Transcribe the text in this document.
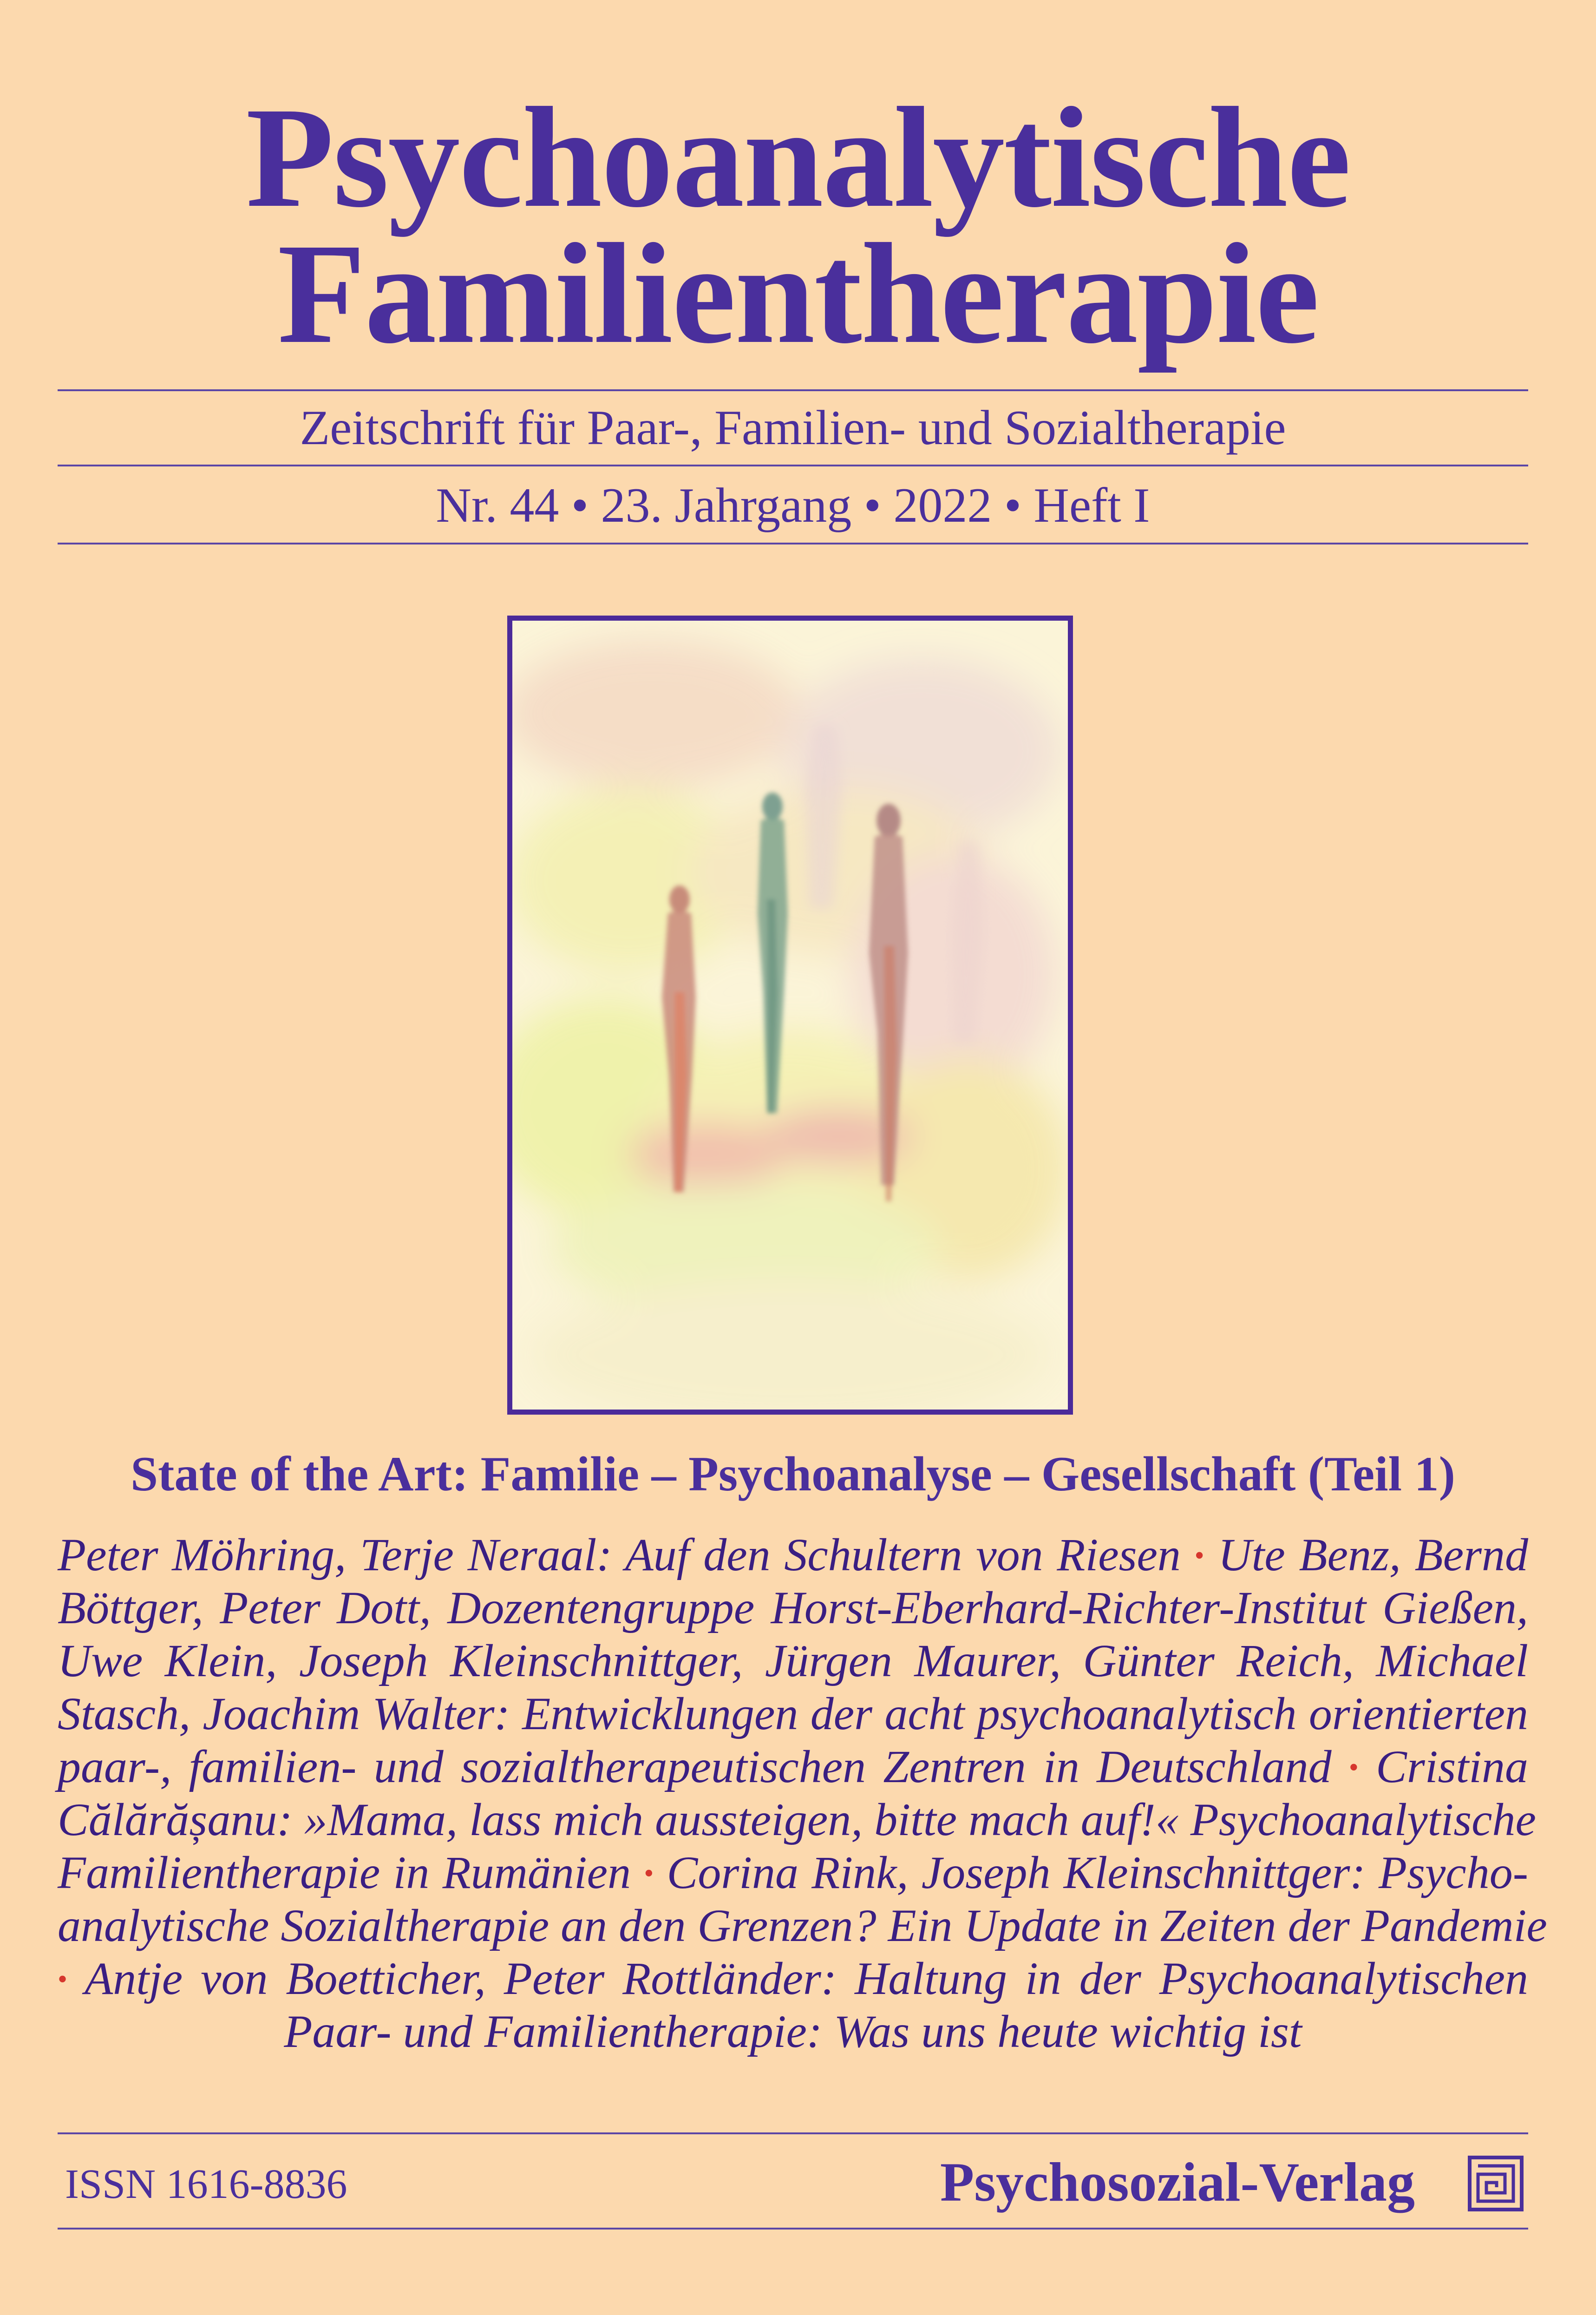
Psychoanalytische
Familientherapie
Zeitschrift für Paar-, Familien- und Sozialtherapie
Nr. 44 • 23. Jahrgang • 2022 • Heft I
State of the Art: Familie – Psychoanalyse – Gesellschaft (Teil 1)
Peter Möhring, Terje Neraal: Auf den Schultern von Riesen • Ute Benz, Bernd
Böttger, Peter Dott, Dozentengruppe Horst-Eberhard-Richter-Institut Gießen,
Uwe Klein, Joseph Kleinschnittger, Jürgen Maurer, Günter Reich, Michael
Stasch, Joachim Walter: Entwicklungen der acht psychoanalytisch orientierten
paar-, familien- und sozialtherapeutischen Zentren in Deutschland • Cristina
Călărășanu: »Mama, lass mich aussteigen, bitte mach auf!« Psychoanalytische
Familientherapie in Rumänien • Corina Rink, Joseph Kleinschnittger: Psycho-
analytische Sozialtherapie an den Grenzen? Ein Update in Zeiten der Pandemie
• Antje von Boetticher, Peter Rottländer: Haltung in der Psychoanalytischen
Paar- und Familientherapie: Was uns heute wichtig ist
ISSN 1616-8836	Psychosozial-Verlag
